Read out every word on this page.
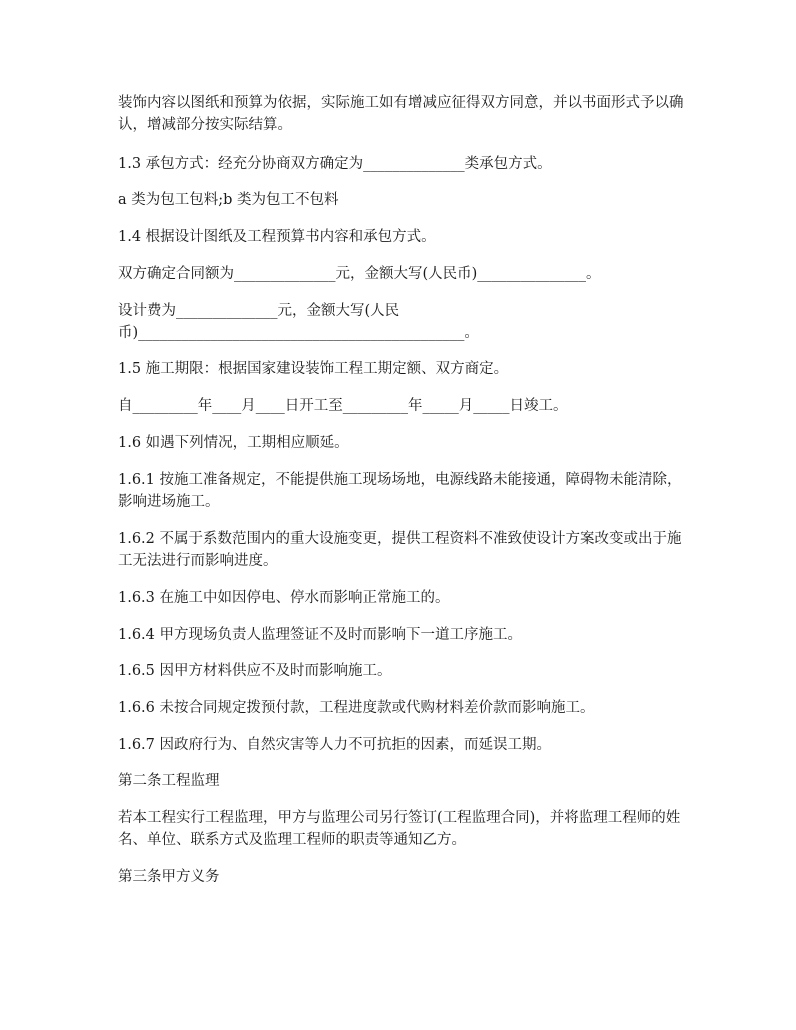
装饰内容以图纸和预算为依据，实际施工如有增减应征得双方同意，并以书面形式予以确认，增减部分按实际结算。

1.3 承包方式：经充分协商双方确定为______________类承包方式。

a 类为包工包料;b 类为包工不包料

1.4 根据设计图纸及工程预算书内容和承包方式。

双方确定合同额为______________元，金额大写(人民币)_______________。

设计费为______________元，金额大写(人民

币)_____________________________________________。

1.5 施工期限：根据国家建设装饰工程工期定额、双方商定。

自_________年____月____日开工至_________年_____月_____日竣工。

1.6 如遇下列情况，工期相应顺延。

1.6.1 按施工准备规定，不能提供施工现场场地，电源线路未能接通，障碍物未能清除，影响进场施工。

1.6.2 不属于系数范围内的重大设施变更，提供工程资料不准致使设计方案改变或出于施工无法进行而影响进度。

1.6.3 在施工中如因停电、停水而影响正常施工的。

1.6.4 甲方现场负责人监理签证不及时而影响下一道工序施工。

1.6.5 因甲方材料供应不及时而影响施工。

1.6.6 未按合同规定拨预付款，工程进度款或代购材料差价款而影响施工。

1.6.7 因政府行为、自然灾害等人力不可抗拒的因素，而延误工期。

第二条工程监理

若本工程实行工程监理，甲方与监理公司另行签订(工程监理合同)，并将监理工程师的姓名、单位、联系方式及监理工程师的职责等通知乙方。

第三条甲方义务
